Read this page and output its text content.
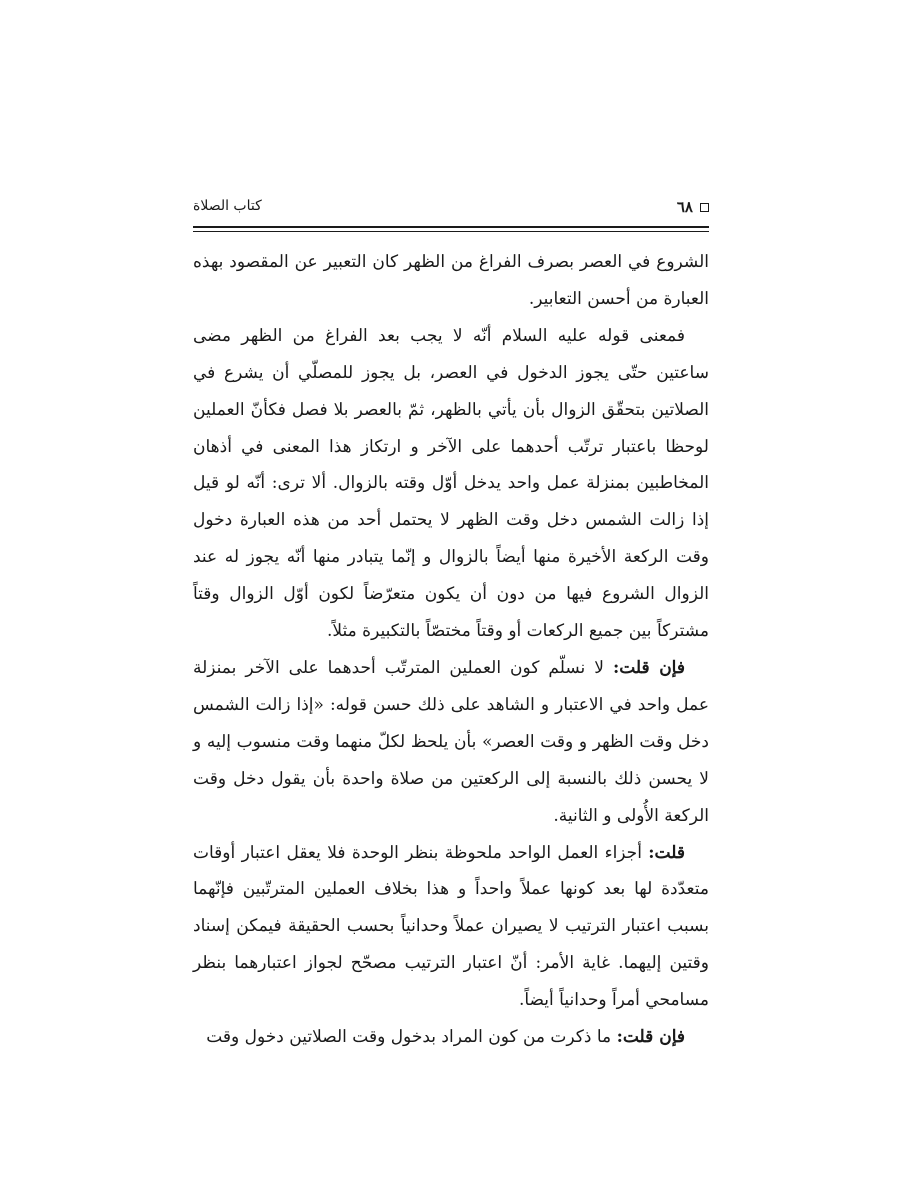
٦٨
كتاب الصلاة

الشروع في العصر بصرف الفراغ من الظهر كان التعبير عن المقصود بهذه العبارة من أحسن التعابير.

فمعنى قوله عليه السلام أنّه لا يجب بعد الفراغ من الظهر مضى ساعتين حتّى يجوز الدخول في العصر، بل يجوز للمصلّي أن يشرع في الصلاتين بتحقّق الزوال بأن يأتي بالظهر، ثمّ بالعصر بلا فصل فكأنّ العملين لوحظا باعتبار ترتّب أحدهما على الآخر و ارتكاز هذا المعنى في أذهان المخاطبين بمنزلة عمل واحد يدخل أوّل وقته بالزوال. ألا ترى: أنّه لو قيل إذا زالت الشمس دخل وقت الظهر لا يحتمل أحد من هذه العبارة دخول وقت الركعة الأخيرة منها أيضاً بالزوال و إنّما يتبادر منها أنّه يجوز له عند الزوال الشروع فيها من دون أن يكون متعرّضاً لكون أوّل الزوال وقتاً مشتركاً بين جميع الركعات أو وقتاً مختصّاً بالتكبيرة مثلاً.

فإن قلت: لا نسلّم كون العملين المترتّب أحدهما على الآخر بمنزلة عمل واحد في الاعتبار و الشاهد على ذلك حسن قوله: «إذا زالت الشمس دخل وقت الظهر و وقت العصر» بأن يلحظ لكلّ منهما وقت منسوب إليه و لا يحسن ذلك بالنسبة إلى الركعتين من صلاة واحدة بأن يقول دخل وقت الركعة الأُولى و الثانية.

قلت: أجزاء العمل الواحد ملحوظة بنظر الوحدة فلا يعقل اعتبار أوقات متعدّدة لها بعد كونها عملاً واحداً و هذا بخلاف العملين المترتّبين فإنّهما بسبب اعتبار الترتيب لا يصيران عملاً وحدانياً بحسب الحقيقة فيمكن إسناد وقتين إليهما. غاية الأمر: أنّ اعتبار الترتيب مصحّح لجواز اعتبارهما بنظر مسامحي أمراً وحدانياً أيضاً.

فإن قلت: ما ذكرت من كون المراد بدخول وقت الصلاتين دخول وقت
